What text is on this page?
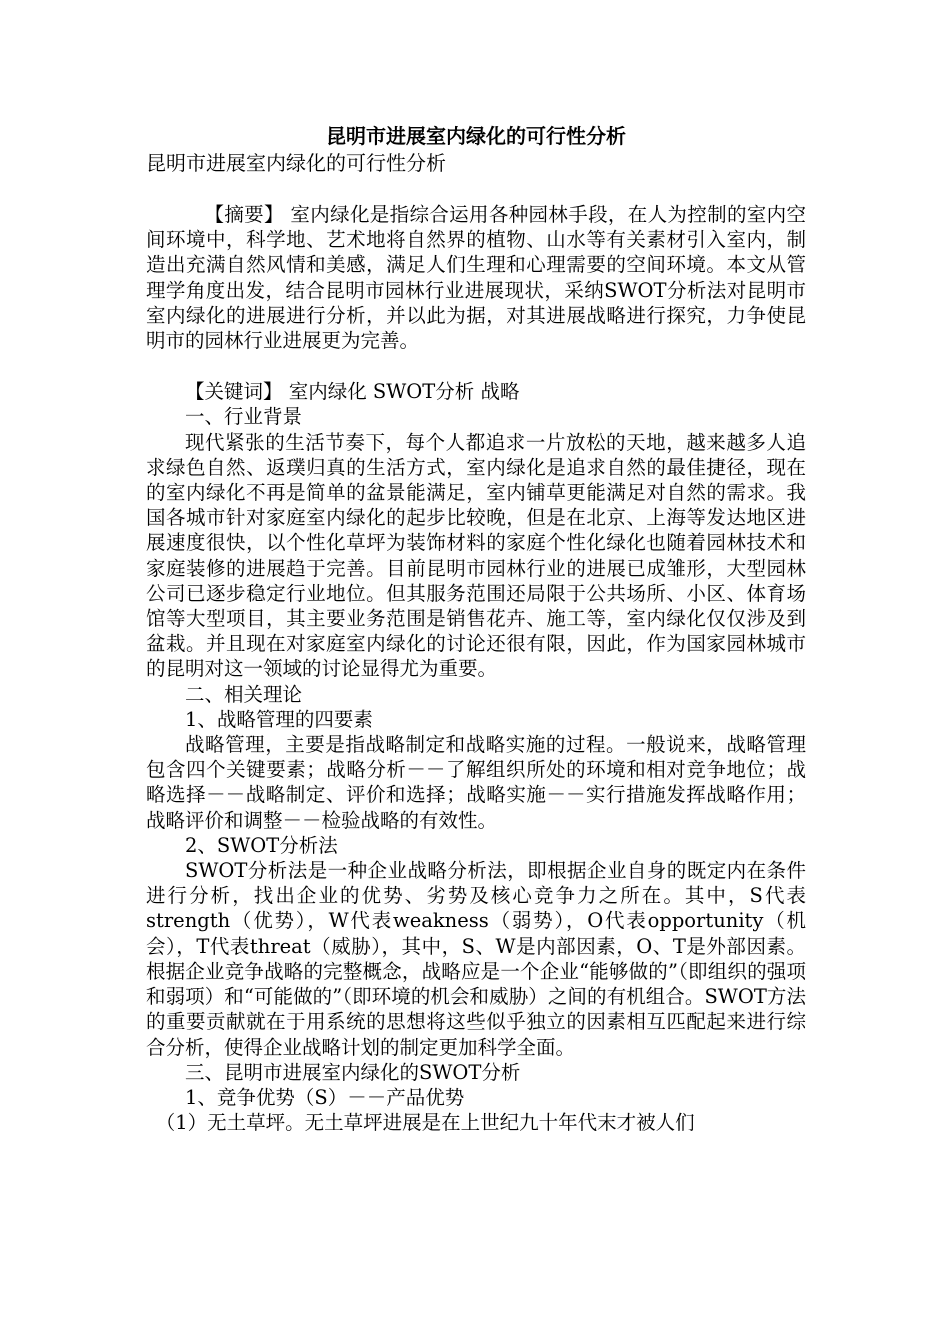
昆明市进展室内绿化的可行性分析

昆明市进展室内绿化的可行性分析

【摘要】 室内绿化是指综合运用各种园林手段，在人为控制的室内空间环境中，科学地、艺术地将自然界的植物、山水等有关素材引入室内，制造出充满自然风情和美感，满足人们生理和心理需要的空间环境。本文从管理学角度出发，结合昆明市园林行业进展现状，采纳SWOT分析法对昆明市室内绿化的进展进行分析，并以此为据，对其进展战略进行探究，力争使昆明市的园林行业进展更为完善。

【关键词】 室内绿化 SWOT分析 战略

一、行业背景

现代紧张的生活节奏下，每个人都追求一片放松的天地，越来越多人追求绿色自然、返璞归真的生活方式，室内绿化是追求自然的最佳捷径，现在的室内绿化不再是简单的盆景能满足，室内铺草更能满足对自然的需求。我国各城市针对家庭室内绿化的起步比较晚，但是在北京、上海等发达地区进展速度很快，以个性化草坪为装饰材料的家庭个性化绿化也随着园林技术和家庭装修的进展趋于完善。目前昆明市园林行业的进展已成雏形，大型园林公司已逐步稳定行业地位。但其服务范围还局限于公共场所、小区、体育场馆等大型项目，其主要业务范围是销售花卉、施工等，室内绿化仅仅涉及到盆栽。并且现在对家庭室内绿化的讨论还很有限，因此，作为国家园林城市的昆明对这一领域的讨论显得尤为重要。

二、相关理论

1、战略管理的四要素

战略管理，主要是指战略制定和战略实施的过程。一般说来，战略管理包含四个关键要素；战略分析－－了解组织所处的环境和相对竞争地位；战略选择－－战略制定、评价和选择；战略实施－－实行措施发挥战略作用；战略评价和调整－－检验战略的有效性。

2、SWOT分析法

SWOT分析法是一种企业战略分析法，即根据企业自身的既定内在条件进行分析，找出企业的优势、劣势及核心竞争力之所在。其中，S代表strength（优势），W代表weakness（弱势），O代表opportunity（机会），T代表threat（威胁），其中，S、W是内部因素，O、T是外部因素。根据企业竞争战略的完整概念，战略应是一个企业“能够做的”（即组织的强项和弱项）和“可能做的”（即环境的机会和威胁）之间的有机组合。SWOT方法的重要贡献就在于用系统的思想将这些似乎独立的因素相互匹配起来进行综合分析，使得企业战略计划的制定更加科学全面。

三、昆明市进展室内绿化的SWOT分析

1、竞争优势（S）－－产品优势

（1）无土草坪。无土草坪进展是在上世纪九十年代末才被人们
